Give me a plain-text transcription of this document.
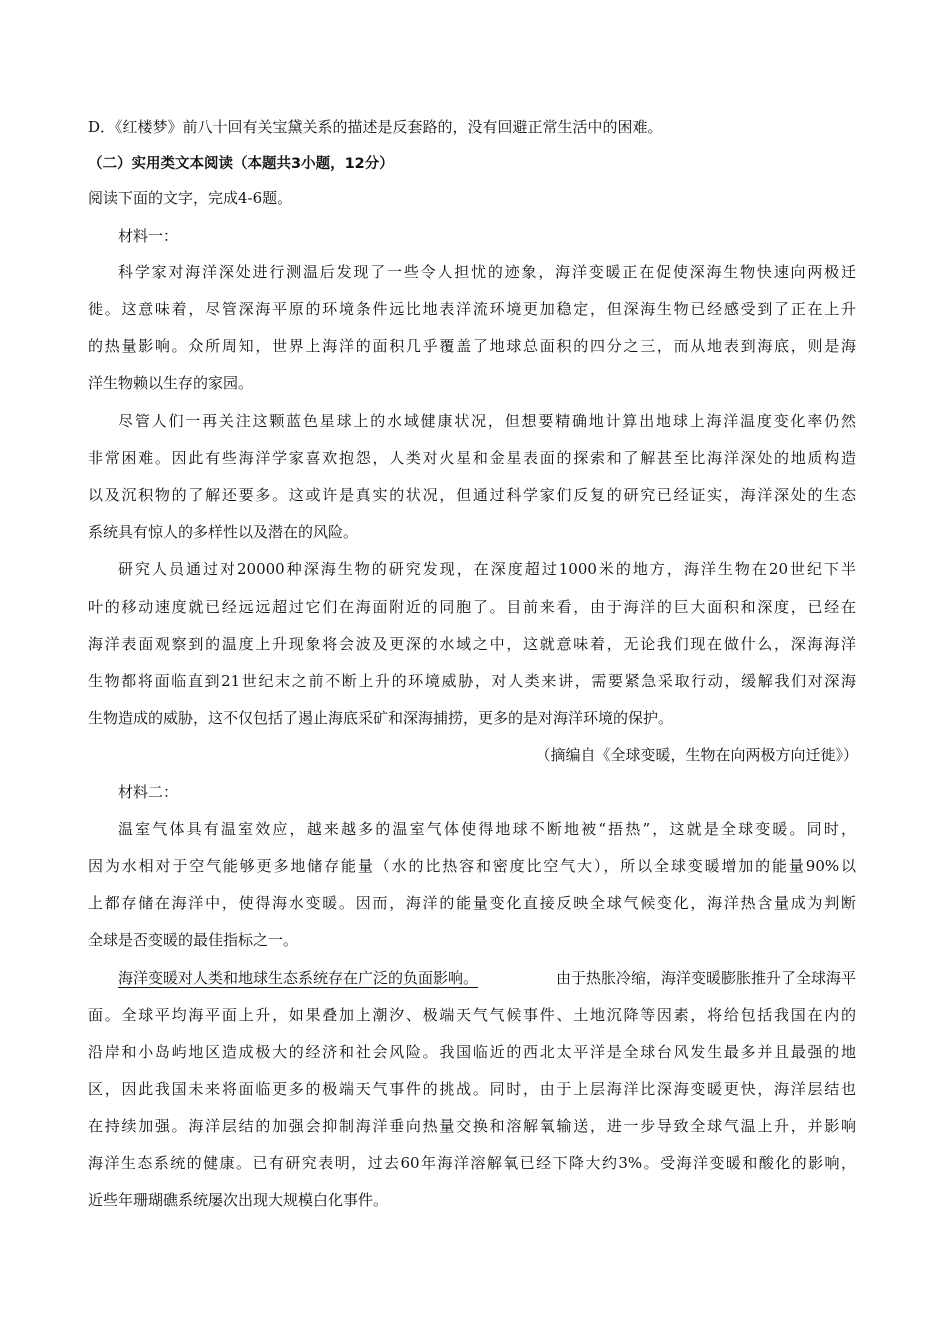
D．《红楼梦》前八十回有关宝黛关系的描述是反套路的，没有回避正常生活中的困难。
（二）实用类文本阅读（本题共3小题，12分）
阅读下面的文字，完成4-6题。
材料一：
科学家对海洋深处进行测温后发现了一些令人担忧的迹象，海洋变暖正在促使深海生物快速向两极迁
徙。这意味着，尽管深海平原的环境条件远比地表洋流环境更加稳定，但深海生物已经感受到了正在上升
的热量影响。众所周知，世界上海洋的面积几乎覆盖了地球总面积的四分之三，而从地表到海底，则是海
洋生物赖以生存的家园。
尽管人们一再关注这颗蓝色星球上的水域健康状况，但想要精确地计算出地球上海洋温度变化率仍然
非常困难。因此有些海洋学家喜欢抱怨，人类对火星和金星表面的探索和了解甚至比海洋深处的地质构造
以及沉积物的了解还要多。这或许是真实的状况，但通过科学家们反复的研究已经证实，海洋深处的生态
系统具有惊人的多样性以及潜在的风险。
研究人员通过对20000种深海生物的研究发现，在深度超过1000米的地方，海洋生物在20世纪下半
叶的移动速度就已经远远超过它们在海面附近的同胞了。目前来看，由于海洋的巨大面积和深度，已经在
海洋表面观察到的温度上升现象将会波及更深的水域之中，这就意味着，无论我们现在做什么，深海海洋
生物都将面临直到21世纪末之前不断上升的环境威胁，对人类来讲，需要紧急采取行动，缓解我们对深海
生物造成的威胁，这不仅包括了遏止海底采矿和深海捕捞，更多的是对海洋环境的保护。
（摘编自《全球变暖，生物在向两极方向迁徙》）
材料二：
温室气体具有温室效应，越来越多的温室气体使得地球不断地被“捂热”，这就是全球变暖。同时，
因为水相对于空气能够更多地储存能量（水的比热容和密度比空气大），所以全球变暖增加的能量90%以
上都存储在海洋中，使得海水变暖。因而，海洋的能量变化直接反映全球气候变化，海洋热含量成为判断
全球是否变暖的最佳指标之一。
海洋变暖对人类和地球生态系统存在广泛的负面影响。	由于热胀冷缩，海洋变暖膨胀推升了全球海平
面。全球平均海平面上升，如果叠加上潮汐、极端天气气候事件、土地沉降等因素，将给包括我国在内的
沿岸和小岛屿地区造成极大的经济和社会风险。我国临近的西北太平洋是全球台风发生最多并且最强的地
区，因此我国未来将面临更多的极端天气事件的挑战。同时，由于上层海洋比深海变暖更快，海洋层结也
在持续加强。海洋层结的加强会抑制海洋垂向热量交换和溶解氧输送，进一步导致全球气温上升，并影响
海洋生态系统的健康。已有研究表明，过去60年海洋溶解氧已经下降大约3%。受海洋变暖和酸化的影响，
近些年珊瑚礁系统屡次出现大规模白化事件。
